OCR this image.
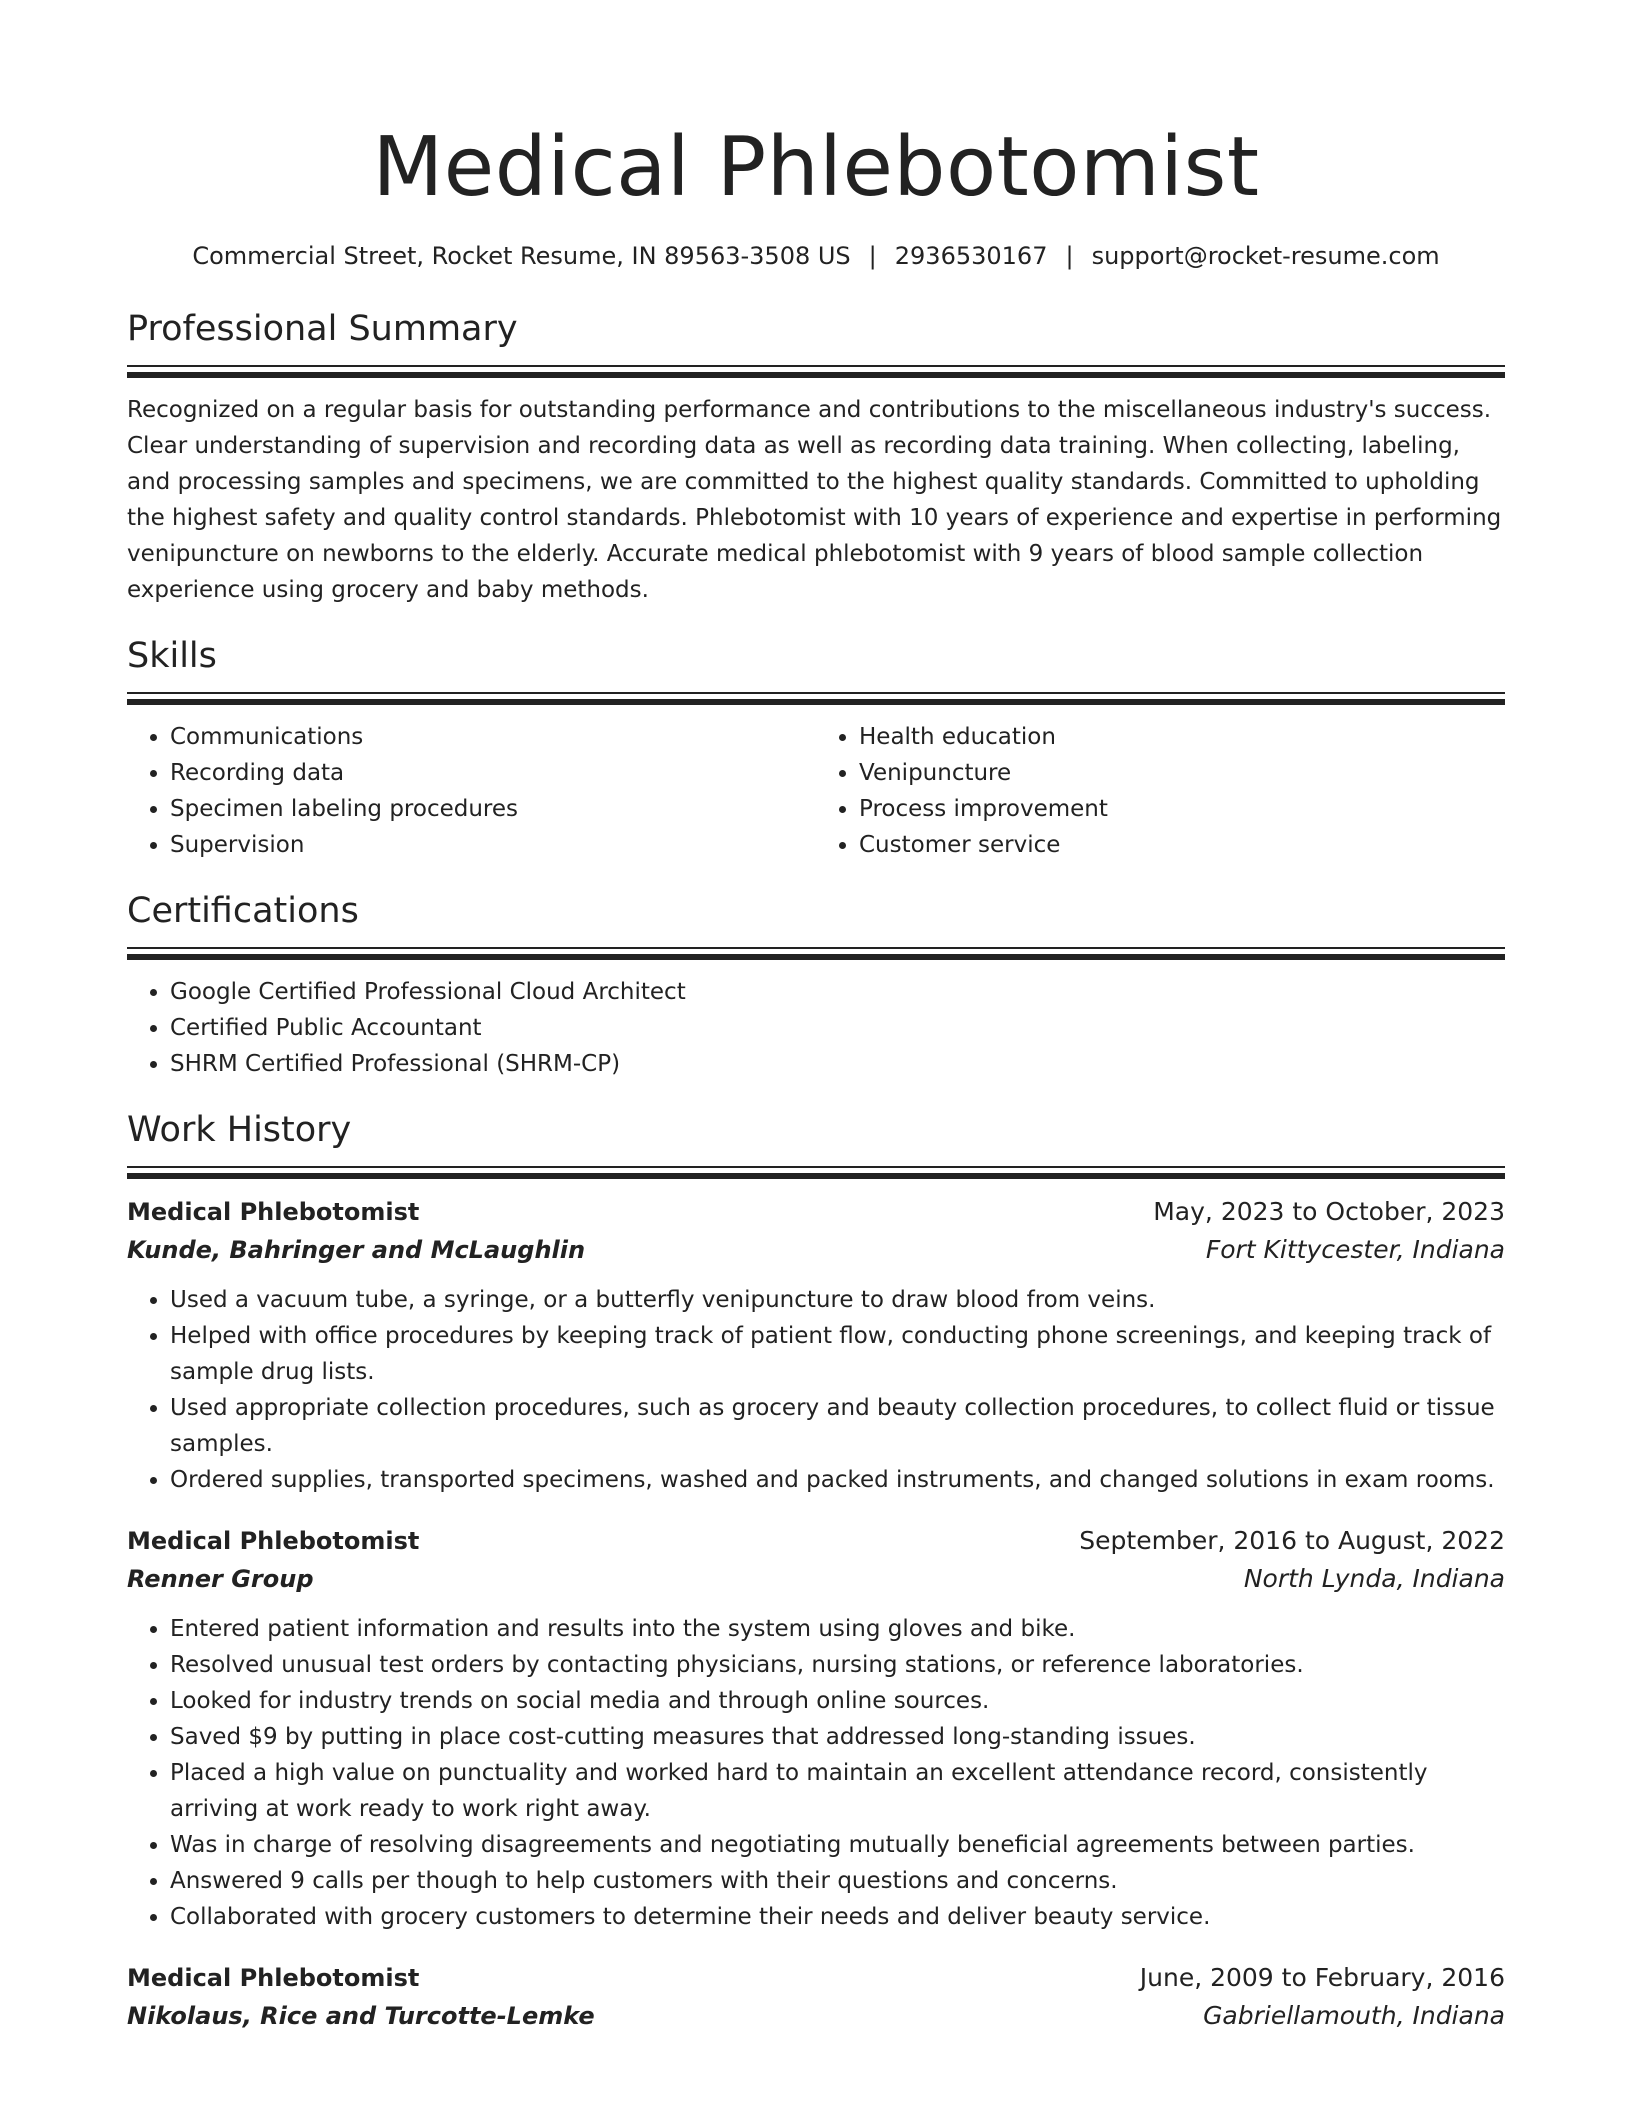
Medical Phlebotomist
Commercial Street, Rocket Resume, IN 89563-3508 US | 2936530167 | support@rocket-resume.com
Professional Summary

Recognized on a regular basis for outstanding performance and contributions to the miscellaneous industry's success. Clear understanding of supervision and recording data as well as recording data training. When collecting, labeling, and processing samples and specimens, we are committed to the highest quality standards. Committed to upholding the highest safety and quality control standards. Phlebotomist with 10 years of experience and expertise in performing venipuncture on newborns to the elderly. Accurate medical phlebotomist with 9 years of blood sample collection experience using grocery and baby methods.

Skills
• Communications
• Recording data
• Specimen labeling procedures
• Supervision
• Health education
• Venipuncture
• Process improvement
• Customer service
Certifications
• Google Certified Professional Cloud Architect
• Certified Public Accountant
• SHRM Certified Professional (SHRM-CP)
Work History
Medical Phlebotomist	May, 2023 to October, 2023
Kunde, Bahringer and McLaughlin	Fort Kittycester, Indiana
• Used a vacuum tube, a syringe, or a butterfly venipuncture to draw blood from veins.
• Helped with office procedures by keeping track of patient flow, conducting phone screenings, and keeping track of sample drug lists.
• Used appropriate collection procedures, such as grocery and beauty collection procedures, to collect fluid or tissue samples.
• Ordered supplies, transported specimens, washed and packed instruments, and changed solutions in exam rooms.
Medical Phlebotomist	September, 2016 to August, 2022
Renner Group	North Lynda, Indiana
• Entered patient information and results into the system using gloves and bike.
• Resolved unusual test orders by contacting physicians, nursing stations, or reference laboratories.
• Looked for industry trends on social media and through online sources.
• Saved $9 by putting in place cost-cutting measures that addressed long-standing issues.
• Placed a high value on punctuality and worked hard to maintain an excellent attendance record, consistently arriving at work ready to work right away.
• Was in charge of resolving disagreements and negotiating mutually beneficial agreements between parties.
• Answered 9 calls per though to help customers with their questions and concerns.
• Collaborated with grocery customers to determine their needs and deliver beauty service.
Medical Phlebotomist	June, 2009 to February, 2016
Nikolaus, Rice and Turcotte-Lemke	Gabriellamouth, Indiana
